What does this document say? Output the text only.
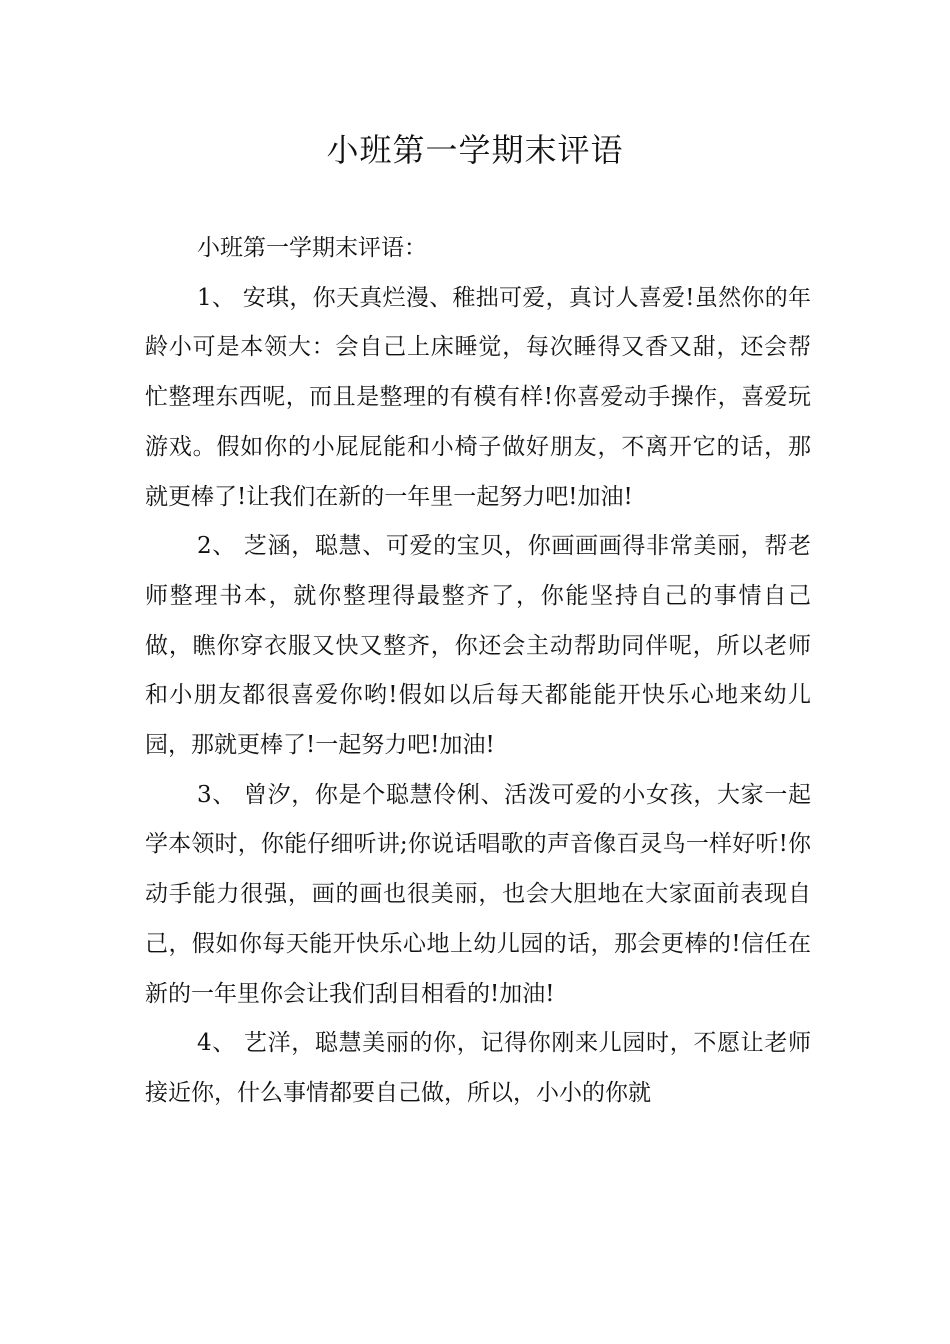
小班第一学期末评语

小班第一学期末评语：

1、 安琪，你天真烂漫、稚拙可爱，真讨人喜爱!虽然你的年龄小可是本领大：会自己上床睡觉，每次睡得又香又甜，还会帮忙整理东西呢，而且是整理的有模有样!你喜爱动手操作，喜爱玩游戏。假如你的小屁屁能和小椅子做好朋友，不离开它的话，那就更棒了!让我们在新的一年里一起努力吧!加油!

2、 芝涵，聪慧、可爱的宝贝，你画画画得非常美丽，帮老师整理书本，就你整理得最整齐了，你能坚持自己的事情自己做，瞧你穿衣服又快又整齐，你还会主动帮助同伴呢，所以老师和小朋友都很喜爱你哟!假如以后每天都能能开快乐心地来幼儿园，那就更棒了!一起努力吧!加油!

3、 曾汐，你是个聪慧伶俐、活泼可爱的小女孩，大家一起学本领时，你能仔细听讲;你说话唱歌的声音像百灵鸟一样好听!你动手能力很强，画的画也很美丽，也会大胆地在大家面前表现自己，假如你每天能开快乐心地上幼儿园的话，那会更棒的!信任在新的一年里你会让我们刮目相看的!加油!

4、 艺洋，聪慧美丽的你，记得你刚来儿园时，不愿让老师接近你，什么事情都要自己做，所以，小小的你就
